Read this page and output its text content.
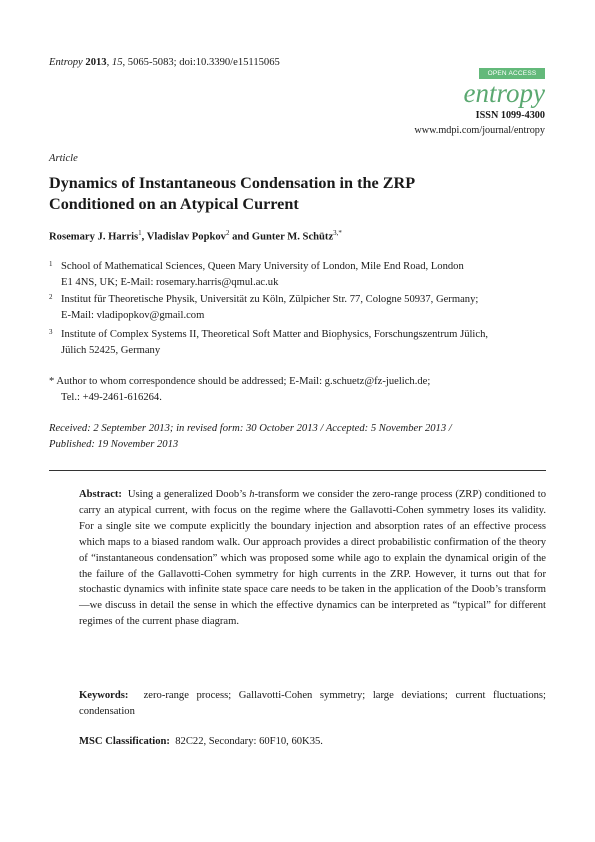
Entropy 2013, 15, 5065-5083; doi:10.3390/e15115065
OPEN ACCESS
entropy
ISSN 1099-4300
www.mdpi.com/journal/entropy
Article
Dynamics of Instantaneous Condensation in the ZRP
Conditioned on an Atypical Current
Rosemary J. Harris$^1$, Vladislav Popkov$^2$ and Gunter M. Schütz$^{3,*}$
1 School of Mathematical Sciences, Queen Mary University of London, Mile End Road, London
E1 4NS, UK; E-Mail: rosemary.harris@qmul.ac.uk
2 Institut für Theoretische Physik, Universität zu Köln, Zülpicher Str. 77, Cologne 50937, Germany;
E-Mail: vladipopkov@gmail.com
3 Institute of Complex Systems II, Theoretical Soft Matter and Biophysics, Forschungszentrum Jülich,
Jülich 52425, Germany
* Author to whom correspondence should be addressed; E-Mail: g.schuetz@fz-juelich.de;
Tel.: +49-2461-616264.
Received: 2 September 2013; in revised form: 30 October 2013 / Accepted: 5 November 2013 /
Published: 19 November 2013
Abstract: Using a generalized Doob’s h-transform we consider the zero-range process (ZRP) conditioned to carry an atypical current, with focus on the regime where the Gallavotti-Cohen symmetry loses its validity. For a single site we compute explicitly the boundary injection and absorption rates of an effective process which maps to a biased random walk. Our approach provides a direct probabilistic confirmation of the theory of “instantaneous condensation” which was proposed some while ago to explain the dynamical origin of the the failure of the Gallavotti-Cohen symmetry for high currents in the ZRP. However, it turns out that for stochastic dynamics with infinite state space care needs to be taken in the application of the Doob’s transform—we discuss in detail the sense in which the effective dynamics can be interpreted as “typical” for different regimes of the current phase diagram.
Keywords: zero-range process; Gallavotti-Cohen symmetry; large deviations; current fluctuations; condensation
MSC Classification: 82C22, Secondary: 60F10, 60K35.
